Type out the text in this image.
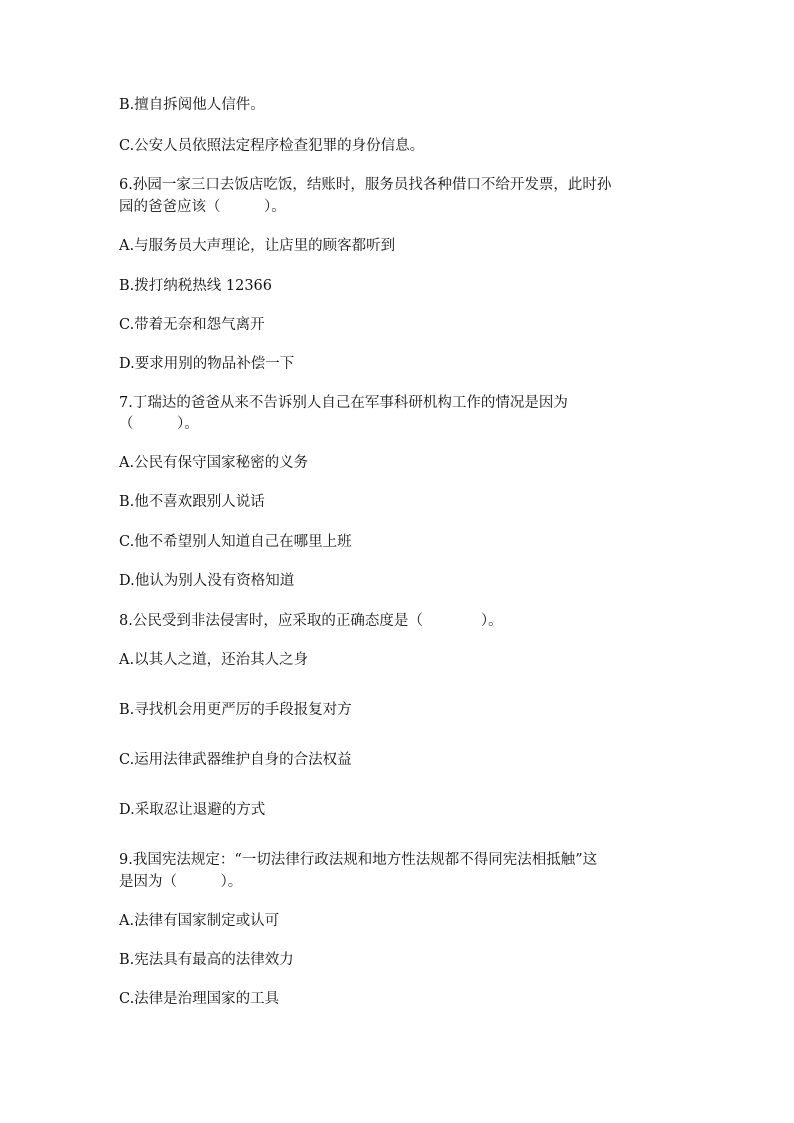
B.擅自拆阅他人信件。
C.公安人员依照法定程序检查犯罪的身份信息。
6.孙园一家三口去饭店吃饭，结账时，服务员找各种借口不给开发票，此时孙
园的爸爸应该（　　　）。
A.与服务员大声理论，让店里的顾客都听到
B.拨打纳税热线 12366
C.带着无奈和怨气离开
D.要求用别的物品补偿一下
7.丁瑞达的爸爸从来不告诉别人自己在军事科研机构工作的情况是因为
（　　　）。
A.公民有保守国家秘密的义务
B.他不喜欢跟别人说话
C.他不希望别人知道自己在哪里上班
D.他认为别人没有资格知道
8.公民受到非法侵害时，应采取的正确态度是（　　　　）。
A.以其人之道，还治其人之身
B.寻找机会用更严厉的手段报复对方
C.运用法律武器维护自身的合法权益
D.采取忍让退避的方式
9.我国宪法规定：“一切法律行政法规和地方性法规都不得同宪法相抵触”这
是因为（　　　）。
A.法律有国家制定或认可
B.宪法具有最高的法律效力
C.法律是治理国家的工具
